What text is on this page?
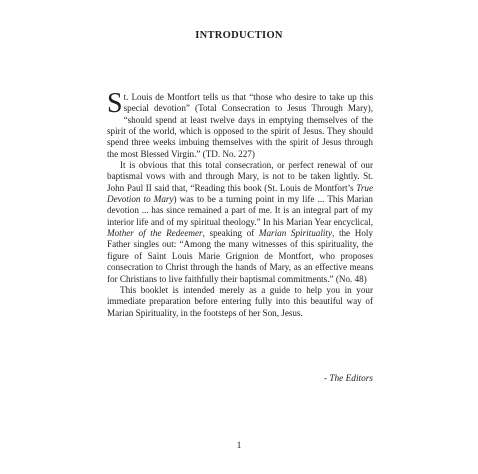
INTRODUCTION

St. Louis de Montfort tells us that “those who desire to take up this special devotion” (Total Consecration to Jesus Through Mary), “should spend at least twelve days in emptying themselves of the spirit of the world, which is opposed to the spirit of Jesus. They should spend three weeks imbuing themselves with the spirit of Jesus through the most Blessed Virgin.” (TD. No. 227)

It is obvious that this total consecration, or perfect renewal of our baptismal vows with and through Mary, is not to be taken lightly. St. John Paul II said that, “Reading this book (St. Louis de Montfort’s True Devotion to Mary) was to be a turning point in my life ... This Marian devotion ... has since remained a part of me. It is an integral part of my interior life and of my spiritual theology.” In his Marian Year encyclical, Mother of the Redeemer, speaking of Marian Spirituality, the Holy Father singles out: “Among the many witnesses of this spirituality, the figure of Saint Louis Marie Grignion de Montfort, who proposes consecration to Christ through the hands of Mary, as an effective means for Christians to live faithfully their baptismal commitments.” (No. 48)

This booklet is intended merely as a guide to help you in your immediate preparation before entering fully into this beautiful way of Marian Spirituality, in the footsteps of her Son, Jesus.

- The Editors
1
